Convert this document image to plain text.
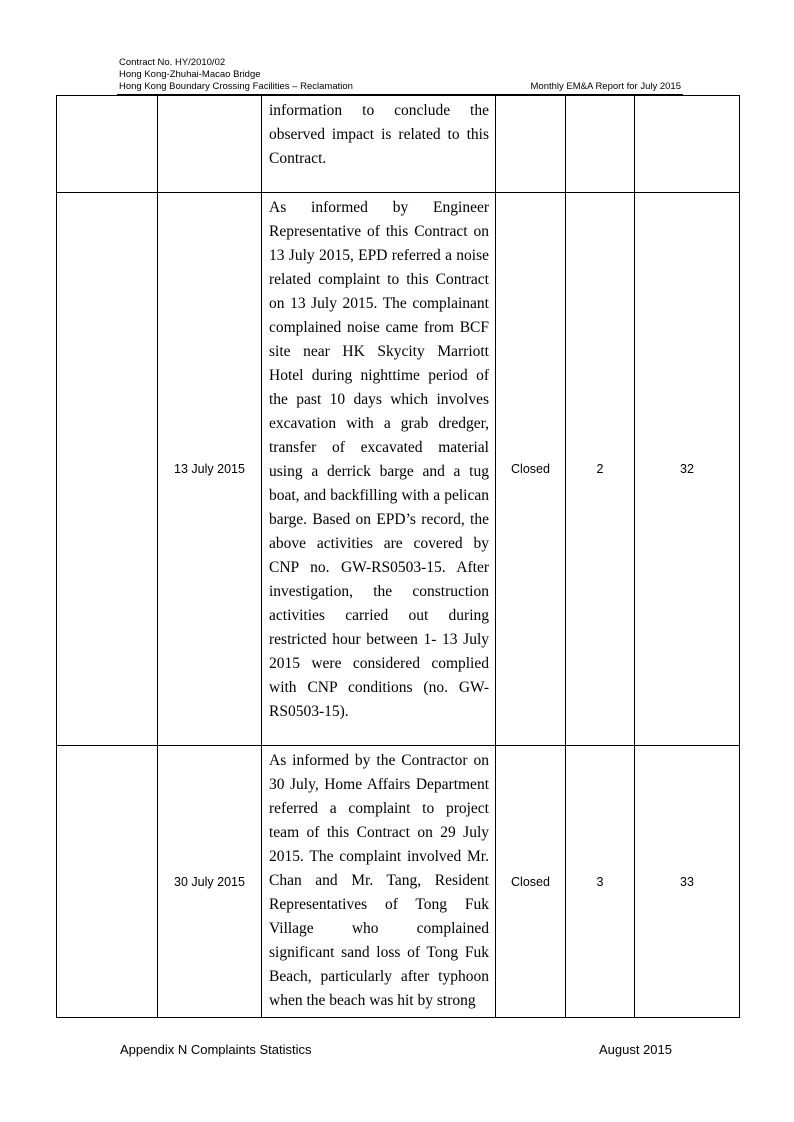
Contract No. HY/2010/02
Hong Kong-Zhuhai-Macao Bridge
Hong Kong Boundary Crossing Facilities – Reclamation	Monthly EM&A Report for July 2015
		information to conclude the observed impact is related to this Contract.			
	13 July 2015	As informed by Engineer Representative of this Contract on 13 July 2015, EPD referred a noise related complaint to this Contract on 13 July 2015. The complainant complained noise came from BCF site near HK Skycity Marriott Hotel during nighttime period of the past 10 days which involves excavation with a grab dredger, transfer of excavated material using a derrick barge and a tug boat, and backfilling with a pelican barge. Based on EPD’s record, the above activities are covered by CNP no. GW-RS0503-15. After investigation, the construction activities carried out during restricted hour between 1- 13 July 2015 were considered complied with CNP conditions (no. GW-RS0503-15).	Closed	2	32
	30 July 2015	As informed by the Contractor on 30 July, Home Affairs Department referred a complaint to project team of this Contract on 29 July 2015. The complaint involved Mr. Chan and Mr. Tang, Resident Representatives of Tong Fuk Village who complained significant sand loss of Tong Fuk Beach, particularly after typhoon when the beach was hit by strong	Closed	3	33
Appendix N Complaints Statistics	August 2015
